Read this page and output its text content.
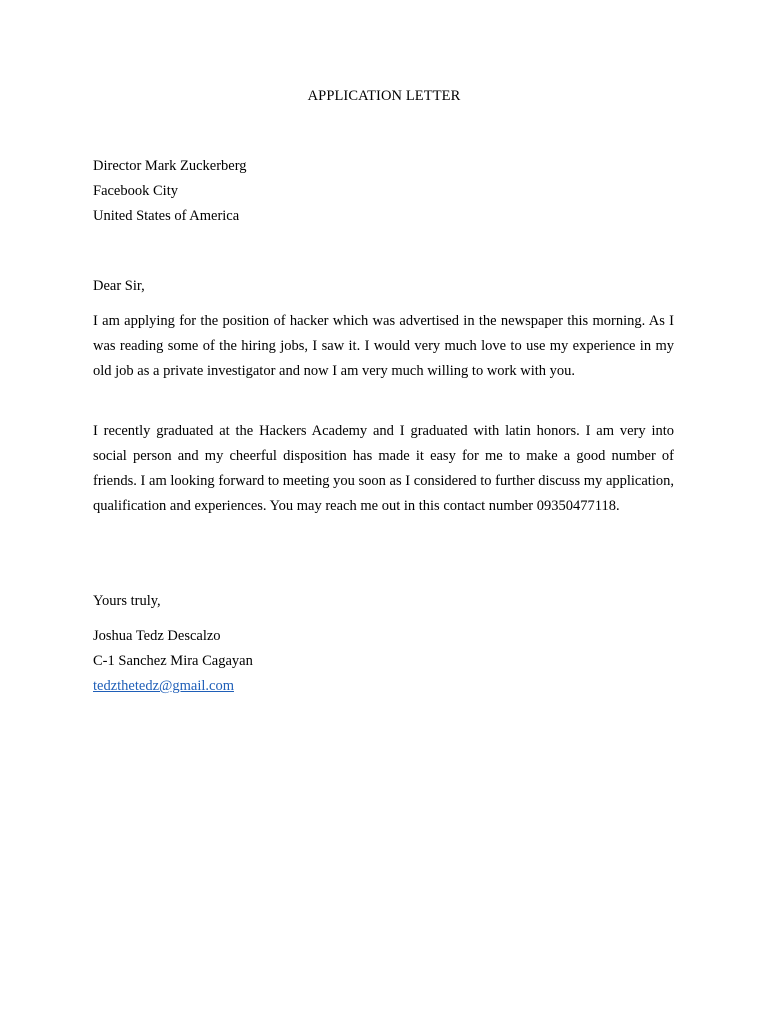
APPLICATION LETTER
Director Mark Zuckerberg
Facebook City
United States of America
Dear Sir,
I am applying for the position of hacker which was advertised in the newspaper this morning. As I was reading some of the hiring jobs, I saw it. I would very much love to use my experience in my old job as a private investigator and now I am very much willing to work with you.
I recently graduated at the Hackers Academy and I graduated with latin honors. I am very into social person and my cheerful disposition has made it easy for me to make a good number of friends. I am looking forward to meeting you soon as I considered to further discuss my application, qualification and experiences. You may reach me out in this contact number 09350477118.
Yours truly,
Joshua Tedz Descalzo
C-1 Sanchez Mira Cagayan
tedzthetedz@gmail.com
